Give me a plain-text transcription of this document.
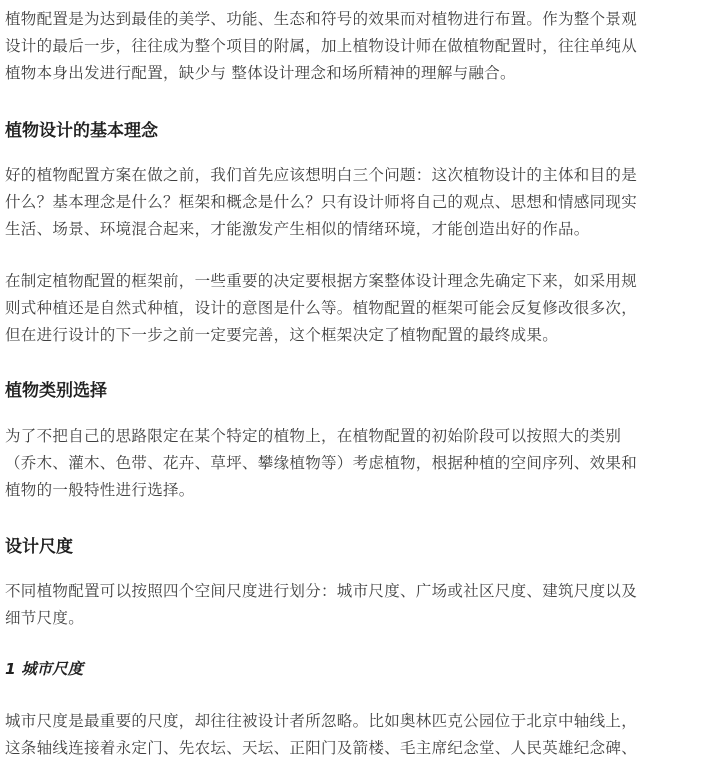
植物配置是为达到最佳的美学、功能、生态和符号的效果而对植物进行布置。作为整个景观
设计的最后一步，往往成为整个项目的附属，加上植物设计师在做植物配置时，往往单纯从
植物本身出发进行配置，缺少与 整体设计理念和场所精神的理解与融合。
植物设计的基本理念
好的植物配置方案在做之前，我们首先应该想明白三个问题：这次植物设计的主体和目的是
什么？基本理念是什么？框架和概念是什么？只有设计师将自己的观点、思想和情感同现实
生活、场景、环境混合起来，才能激发产生相似的情绪环境，才能创造出好的作品。
在制定植物配置的框架前，一些重要的决定要根据方案整体设计理念先确定下来，如采用规
则式种植还是自然式种植，设计的意图是什么等。植物配置的框架可能会反复修改很多次，
但在进行设计的下一步之前一定要完善，这个框架决定了植物配置的最终成果。
植物类别选择
为了不把自己的思路限定在某个特定的植物上，在植物配置的初始阶段可以按照大的类别
（乔木、灌木、色带、花卉、草坪、攀缘植物等）考虑植物，根据种植的空间序列、效果和
植物的一般特性进行选择。
设计尺度
不同植物配置可以按照四个空间尺度进行划分：城市尺度、广场或社区尺度、建筑尺度以及
细节尺度。
1 城市尺度
城市尺度是最重要的尺度，却往往被设计者所忽略。比如奥林匹克公园位于北京中轴线上，
这条轴线连接着永定门、先农坛、天坛、正阳门及箭楼、毛主席纪念堂、人民英雄纪念碑、
